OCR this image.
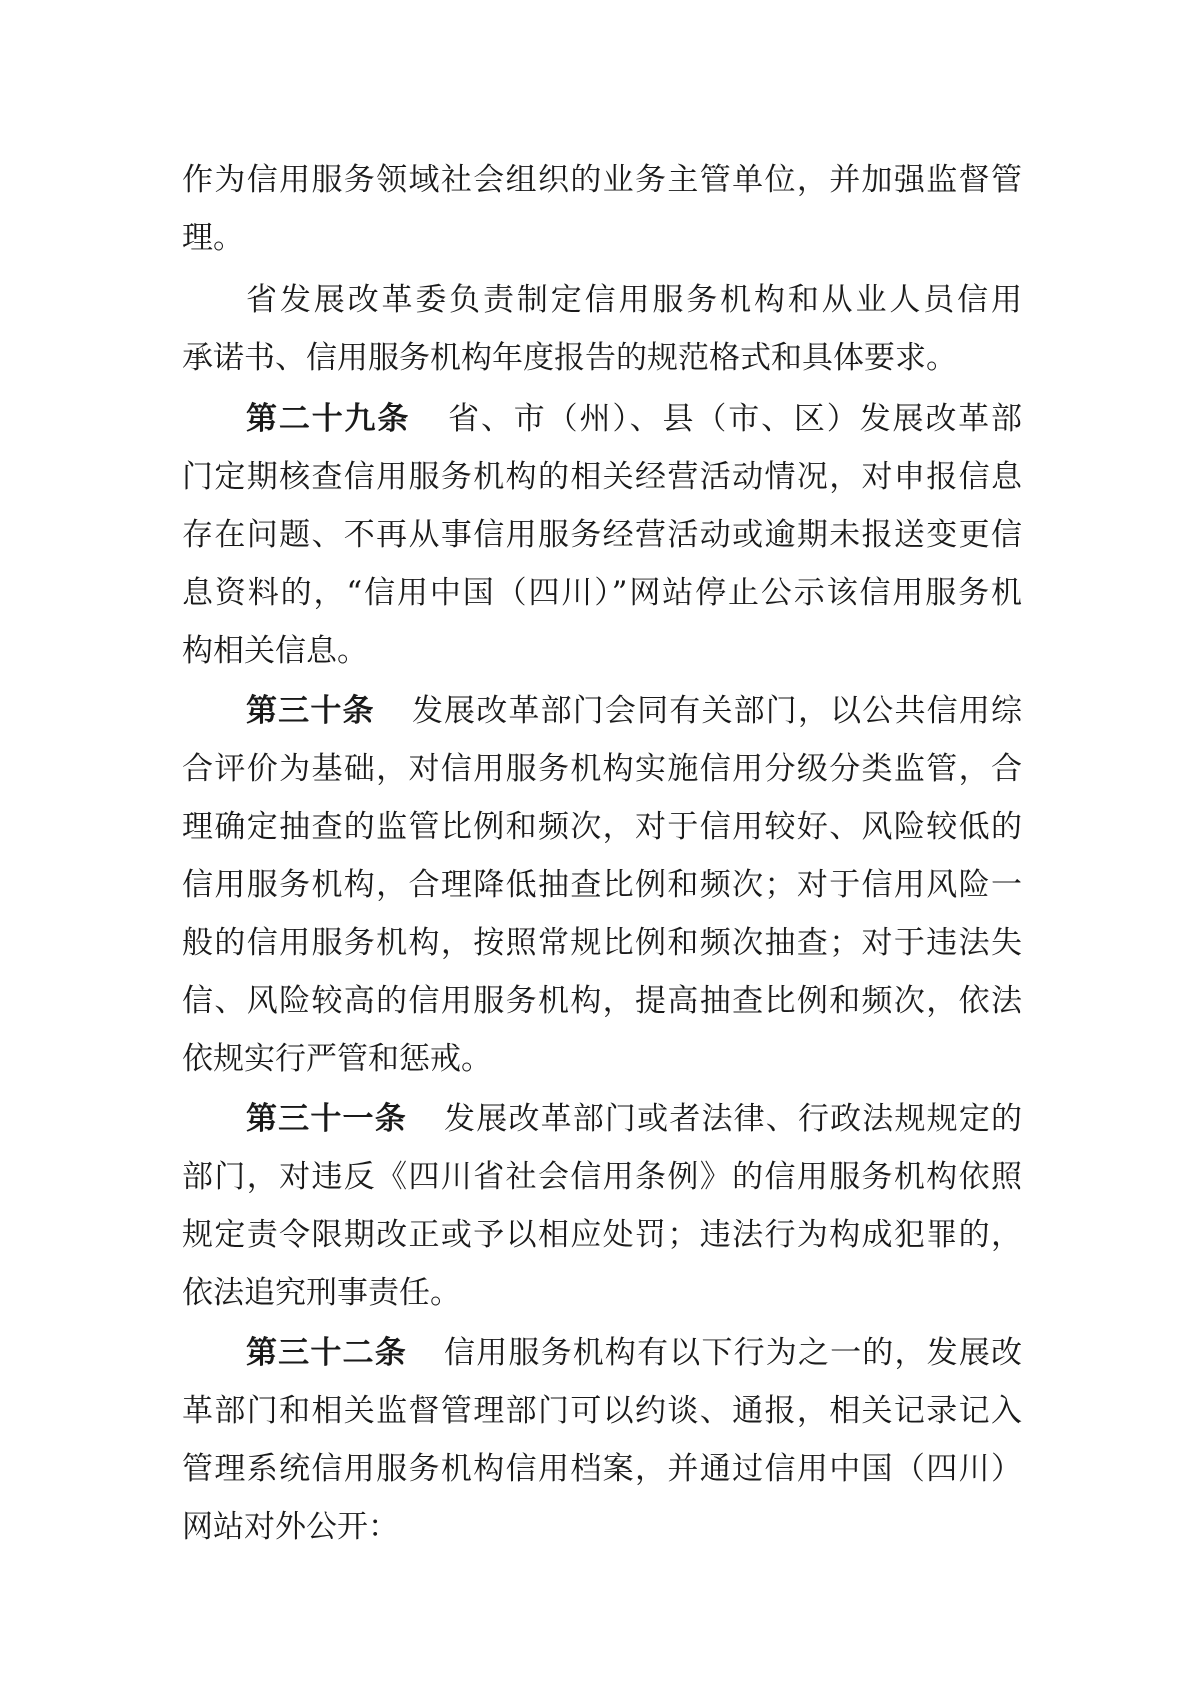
作为信用服务领域社会组织的业务主管单位，并加强监督管
理。
省发展改革委负责制定信用服务机构和从业人员信用
承诺书、信用服务机构年度报告的规范格式和具体要求。
第二十九条 省、市（州）、县（市、区）发展改革部
门定期核查信用服务机构的相关经营活动情况，对申报信息
存在问题、不再从事信用服务经营活动或逾期未报送变更信
息资料的，“信用中国（四川）”网站停止公示该信用服务机
构相关信息。
第三十条 发展改革部门会同有关部门，以公共信用综
合评价为基础，对信用服务机构实施信用分级分类监管，合
理确定抽查的监管比例和频次，对于信用较好、风险较低的
信用服务机构，合理降低抽查比例和频次；对于信用风险一
般的信用服务机构，按照常规比例和频次抽查；对于违法失
信、风险较高的信用服务机构，提高抽查比例和频次，依法
依规实行严管和惩戒。
第三十一条 发展改革部门或者法律、行政法规规定的
部门，对违反《四川省社会信用条例》的信用服务机构依照
规定责令限期改正或予以相应处罚；违法行为构成犯罪的，
依法追究刑事责任。
第三十二条 信用服务机构有以下行为之一的，发展改
革部门和相关监督管理部门可以约谈、通报，相关记录记入
管理系统信用服务机构信用档案，并通过信用中国（四川）
网站对外公开：
